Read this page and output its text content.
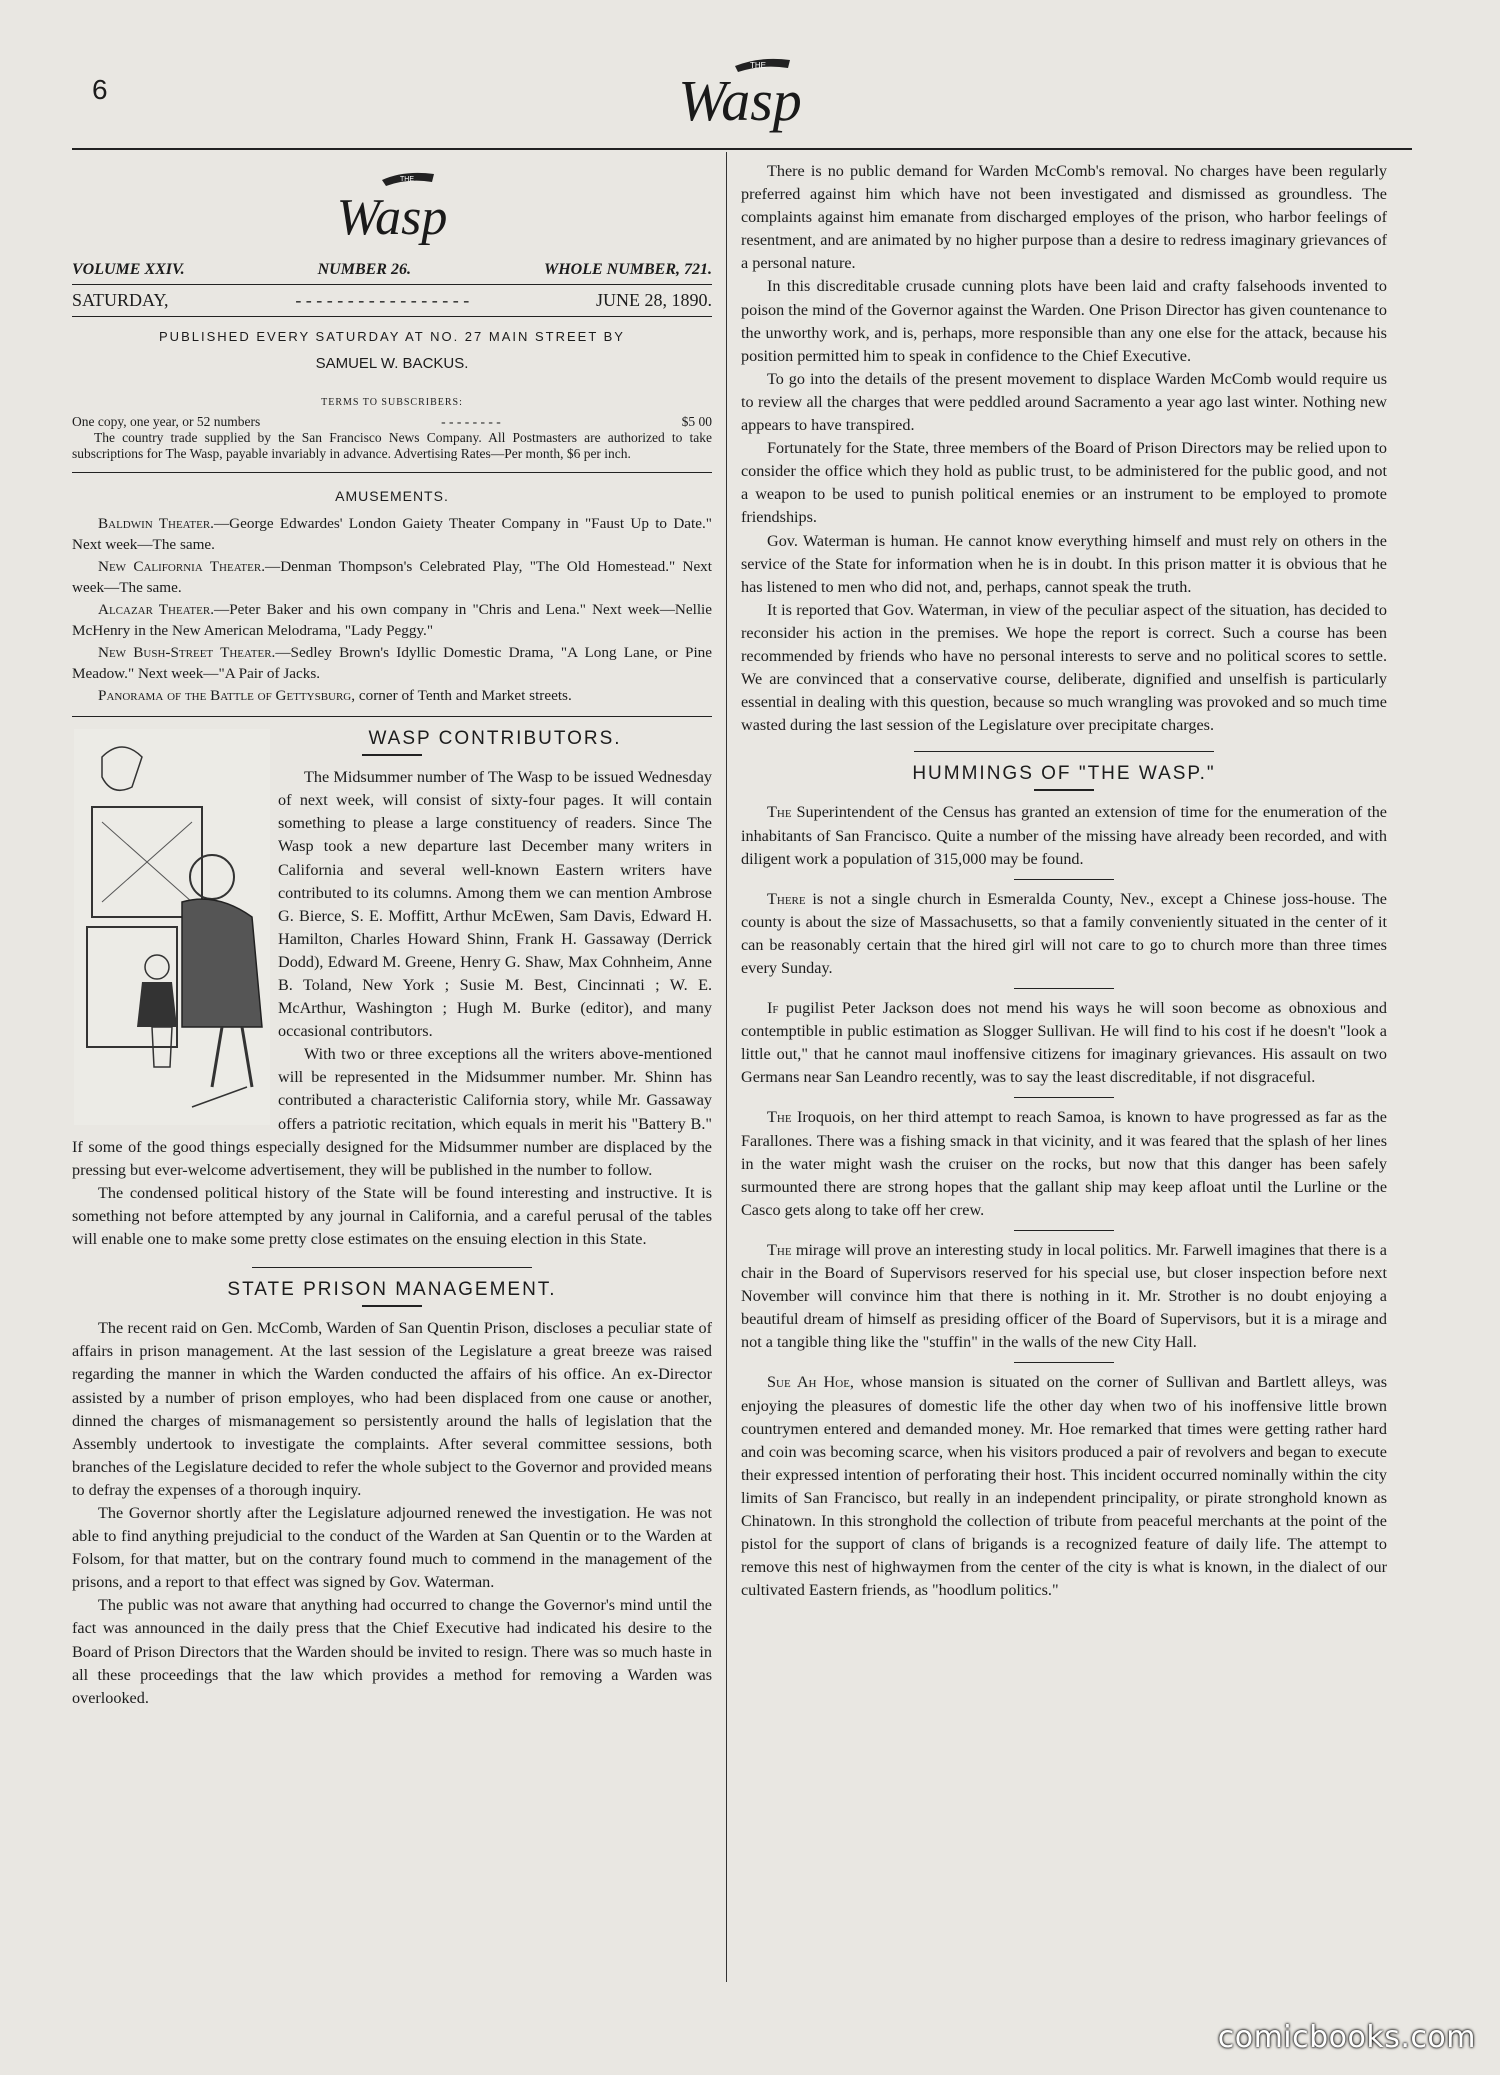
6
THE
Wasp
THE
Wasp
VOLUME XXIV.	NUMBER 26.	WHOLE NUMBER, 721.
SATURDAY,	- - - - - - - - - - - - - - - - -	JUNE 28, 1890.
PUBLISHED EVERY SATURDAY AT NO. 27 MAIN STREET BY
SAMUEL W. BACKUS.
TERMS TO SUBSCRIBERS:
One copy, one year, or 52 numbers	- - - - - - - -	$5 00
The country trade supplied by the San Francisco News Company. All Postmasters are authorized to take subscriptions for The Wasp, payable invariably in advance. Advertising Rates—Per month, $6 per inch.
AMUSEMENTS.

Baldwin Theater.—George Edwardes' London Gaiety Theater Company in "Faust Up to Date." Next week—The same.

New California Theater.—Denman Thompson's Celebrated Play, "The Old Homestead." Next week—The same.

Alcazar Theater.—Peter Baker and his own company in "Chris and Lena." Next week—Nellie McHenry in the New American Melodrama, "Lady Peggy."

New Bush-Street Theater.—Sedley Brown's Idyllic Domestic Drama, "A Long Lane, or Pine Meadow." Next week—"A Pair of Jacks.

Panorama of the Battle of Gettysburg, corner of Tenth and Market streets.

WASP CONTRIBUTORS.

The Midsummer number of The Wasp to be issued Wednesday of next week, will consist of sixty-four pages. It will contain something to please a large constituency of readers. Since The Wasp took a new departure last December many writers in California and several well-known Eastern writers have contributed to its columns. Among them we can mention Ambrose G. Bierce, S. E. Moffitt, Arthur McEwen, Sam Davis, Edward H. Hamilton, Charles Howard Shinn, Frank H. Gassaway (Derrick Dodd), Edward M. Greene, Henry G. Shaw, Max Cohnheim, Anne B. Toland, New York ; Susie M. Best, Cincinnati ; W. E. McArthur, Washington ; Hugh M. Burke (editor), and many occasional contributors.

With two or three exceptions all the writers above-mentioned will be represented in the Midsummer number. Mr. Shinn has contributed a characteristic California story, while Mr. Gassaway offers a patriotic recitation, which equals in merit his "Battery B." If some of the good things especially designed for the Midsummer number are displaced by the pressing but ever-welcome advertisement, they will be published in the number to follow.

The condensed political history of the State will be found interesting and instructive. It is something not before attempted by any journal in California, and a careful perusal of the tables will enable one to make some pretty close estimates on the ensuing election in this State.

STATE PRISON MANAGEMENT.

The recent raid on Gen. McComb, Warden of San Quentin Prison, discloses a peculiar state of affairs in prison management. At the last session of the Legislature a great breeze was raised regarding the manner in which the Warden conducted the affairs of his office. An ex-Director assisted by a number of prison employes, who had been displaced from one cause or another, dinned the charges of mismanagement so persistently around the halls of legislation that the Assembly undertook to investigate the complaints. After several committee sessions, both branches of the Legislature decided to refer the whole subject to the Governor and provided means to defray the expenses of a thorough inquiry.

The Governor shortly after the Legislature adjourned renewed the investigation. He was not able to find anything prejudicial to the conduct of the Warden at San Quentin or to the Warden at Folsom, for that matter, but on the contrary found much to commend in the management of the prisons, and a report to that effect was signed by Gov. Waterman.

The public was not aware that anything had occurred to change the Governor's mind until the fact was announced in the daily press that the Chief Executive had indicated his desire to the Board of Prison Directors that the Warden should be invited to resign. There was so much haste in all these proceedings that the law which provides a method for removing a Warden was overlooked.

There is no public demand for Warden McComb's removal. No charges have been regularly preferred against him which have not been investigated and dismissed as groundless. The complaints against him emanate from discharged employes of the prison, who harbor feelings of resentment, and are animated by no higher purpose than a desire to redress imaginary grievances of a personal nature.

In this discreditable crusade cunning plots have been laid and crafty falsehoods invented to poison the mind of the Governor against the Warden. One Prison Director has given countenance to the unworthy work, and is, perhaps, more responsible than any one else for the attack, because his position permitted him to speak in confidence to the Chief Executive.

To go into the details of the present movement to displace Warden McComb would require us to review all the charges that were peddled around Sacramento a year ago last winter. Nothing new appears to have transpired.

Fortunately for the State, three members of the Board of Prison Directors may be relied upon to consider the office which they hold as public trust, to be administered for the public good, and not a weapon to be used to punish political enemies or an instrument to be employed to promote friendships.

Gov. Waterman is human. He cannot know everything himself and must rely on others in the service of the State for information when he is in doubt. In this prison matter it is obvious that he has listened to men who did not, and, perhaps, cannot speak the truth.

It is reported that Gov. Waterman, in view of the peculiar aspect of the situation, has decided to reconsider his action in the premises. We hope the report is correct. Such a course has been recommended by friends who have no personal interests to serve and no political scores to settle. We are convinced that a conservative course, deliberate, dignified and unselfish is particularly essential in dealing with this question, because so much wrangling was provoked and so much time wasted during the last session of the Legislature over precipitate charges.

HUMMINGS OF "THE WASP."

The Superintendent of the Census has granted an extension of time for the enumeration of the inhabitants of San Francisco. Quite a number of the missing have already been recorded, and with diligent work a population of 315,000 may be found.

There is not a single church in Esmeralda County, Nev., except a Chinese joss-house. The county is about the size of Massachusetts, so that a family conveniently situated in the center of it can be reasonably certain that the hired girl will not care to go to church more than three times every Sunday.

If pugilist Peter Jackson does not mend his ways he will soon become as obnoxious and contemptible in public estimation as Slogger Sullivan. He will find to his cost if he doesn't "look a little out," that he cannot maul inoffensive citizens for imaginary grievances. His assault on two Germans near San Leandro recently, was to say the least discreditable, if not disgraceful.

The Iroquois, on her third attempt to reach Samoa, is known to have progressed as far as the Farallones. There was a fishing smack in that vicinity, and it was feared that the splash of her lines in the water might wash the cruiser on the rocks, but now that this danger has been safely surmounted there are strong hopes that the gallant ship may keep afloat until the Lurline or the Casco gets along to take off her crew.

The mirage will prove an interesting study in local politics. Mr. Farwell imagines that there is a chair in the Board of Supervisors reserved for his special use, but closer inspection before next November will convince him that there is nothing in it. Mr. Strother is no doubt enjoying a beautiful dream of himself as presiding officer of the Board of Supervisors, but it is a mirage and not a tangible thing like the "stuffin" in the walls of the new City Hall.

Sue Ah Hoe, whose mansion is situated on the corner of Sullivan and Bartlett alleys, was enjoying the pleasures of domestic life the other day when two of his inoffensive little brown countrymen entered and demanded money. Mr. Hoe remarked that times were getting rather hard and coin was becoming scarce, when his visitors produced a pair of revolvers and began to execute their expressed intention of perforating their host. This incident occurred nominally within the city limits of San Francisco, but really in an independent principality, or pirate stronghold known as Chinatown. In this stronghold the collection of tribute from peaceful merchants at the point of the pistol for the support of clans of brigands is a recognized feature of daily life. The attempt to remove this nest of highwaymen from the center of the city is what is known, in the dialect of our cultivated Eastern friends, as "hoodlum politics."

comicbooks.com
